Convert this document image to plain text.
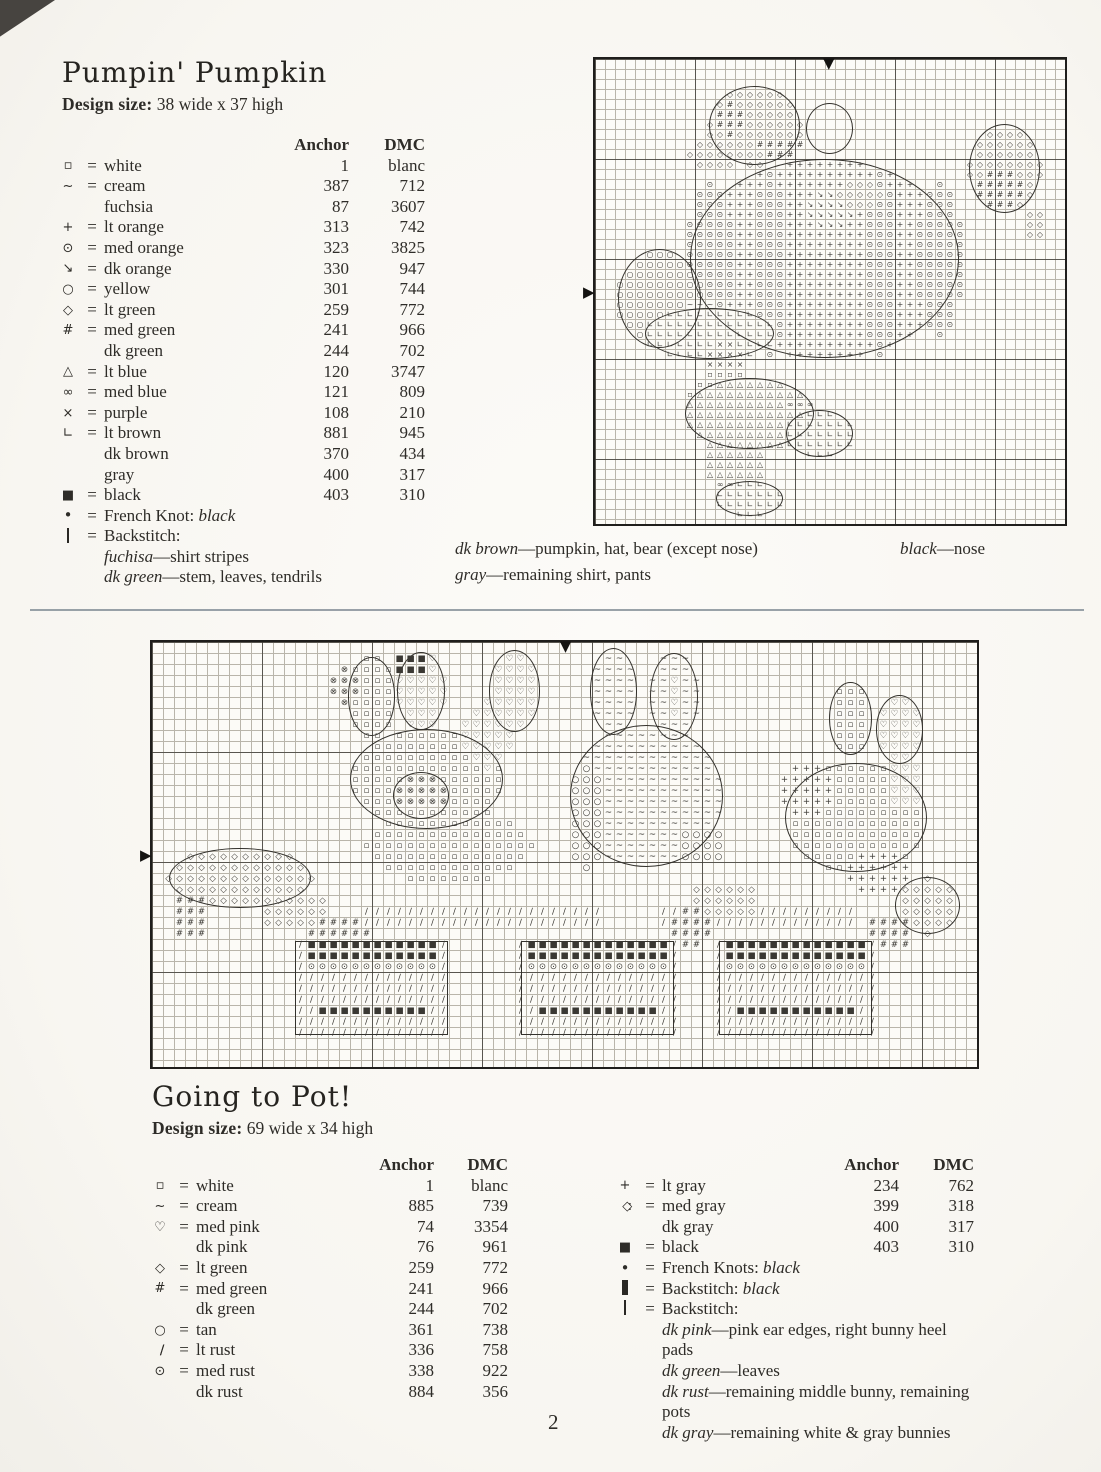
Pumpin' Pumpkin

Design size: 38 wide x 37 high

Anchor	DMC
▫ = white	1	blanc
~ = cream	387	712
fuchsia	87	3607
+ = lt orange	313	742
⊙ = med orange	323	3825
↘ = dk orange	330	947
○ = yellow	301	744
◇ = lt green	259	772
# = med green	241	966
dk green	244	702
△ = lt blue	120	3747
∞ = med blue	121	809
× = purple	108	210
∟ = lt brown	881	945
dk brown	370	434
gray	400	317
■ = black	403	310
• = French Knot: black
= Backstitch:
fuchisa—shirt stripes
dk green—stem, leaves, tendrils
◇ ◇ ◇ ◇ ◇ ◇
◇ # ◇ ◇ ◇ ◇ ◇ ◇
# # # ◇ ◇ ◇ ◇ ◇
◇ # # # ◇ ◇ ◇ ◇ ◇ ◇
◇ ◇ # ◇ ◇ ◇ ◇ ◇ ◇ ◇	◇ ◇ ◇ ◇
◇ ◇ ◇ ◇ ◇ ◇ # # # # #	◇ ◇ ◇ ◇ ◇ ◇
◇ ◇ ◇ ◇ ◇ ◇ ◇ ◇ # # #	◇ ◇ ◇ ◇ ◇ ◇
◇ ◇ ◇ ◇ ◇ ◇	+ + + + + + + +	◇ ◇ ◇ ◇ ◇ ◇ ◇ ◇
+ ⊙ + + + + + + + + + + ⊙ +	◇ ◇ # # # ◇ ◇ ◇
⊙	+ + + ⊙ + + + + + + + ◇ ◇ ◇ ⊙ + + +	⊙	# # # # # ◇
⊙ ⊙ ⊙ + + + ⊙ ⊙ ⊙ + + + ↘ ↘ ◇ ◇ ◇ ◇ ◇ ⊙ + + + ⊙ ⊙ ⊙	# # # # # ◇
⊙ ⊙ ⊙ + + + ⊙ ⊙ ⊙ + + ↘ ↘ ↘ ↘ ◇ ◇ ◇ ⊙ ⊙ + + + ⊙ ⊙ ⊙	# # # ◇
⊙ ⊙ ⊙ + + + ⊙ ⊙ ⊙ + + ↘ ↘ ↘ ↘ ↘ + ⊙ ⊙ ⊙ + + + ⊙ ⊙ ⊙	◇ ◇
⊙ ⊙ ⊙ ⊙ ⊙ + + ⊙ ⊙ ⊙ + + + ↘ ↘ ↘ + + ⊙ ⊙ ⊙ + + ⊙ ⊙ ⊙ ⊙ ⊙	◇ ◇
⊙ ⊙ ⊙ ⊙ ⊙ + + ⊙ ⊙ ⊙ + + + + + + + + ⊙ ⊙ ⊙ + + ⊙ ⊙ ⊙ ⊙ ⊙	◇ ◇
⊙ ⊙ ⊙ ⊙ ⊙ + + ⊙ ⊙ ⊙ + + + + + + + + ⊙ ⊙ ⊙ + + ⊙ ⊙ ⊙ ⊙ ⊙
○ ○ ○ ⊙ ⊙ ⊙ ⊙ ⊙ + + ⊙ ⊙ ⊙ + + + + + + + + ⊙ ⊙ ⊙ + + ⊙ ⊙ ⊙ ⊙ ⊙
○ ○ ○ ○ ○ ⊙ ⊙ ⊙ ⊙ ⊙ + + ⊙ ⊙ ⊙ + + + + + + + + ⊙ ⊙ ⊙ + + ⊙ ⊙ ⊙ ⊙ ⊙
○ ○ ○ ○ ○ ○ ○ ⊙ ⊙ ⊙ ⊙ + + ⊙ ⊙ ⊙ + + + + + + + + ⊙ ⊙ ⊙ + + ⊙ ⊙ ⊙ ⊙ ⊙
○ ○ ○ ○ ○ ○ ○ ○ ○ ⊙ ⊙ ⊙ + + ⊙ ⊙ ⊙ + + + + + + + + ⊙ ⊙ ⊙ + + ⊙ ⊙ ⊙ ⊙ ⊙
○ ○ ○ ○ ○ ○ ○ ○ ○ ⊙ ⊙ ⊙ + + ⊙ ⊙ ⊙ + + + + + + + + ⊙ ⊙ ⊙ + + ⊙ ⊙ ⊙ ⊙ ⊙
○ ○ ○ ○ ○ ○ ○ ~ ~ ~ ⊙ + + + ⊙ ⊙ ⊙ + + + + + + + + ⊙ ⊙ ⊙ + + + ⊙ ⊙ ⊙
○ ○ ○ ○ ○ ∟ ∟ ∟ ∟ ∟ ∟ ∟ ∟ ∟ ⊙ ⊙ ⊙ + + + + + + + + ⊙ ⊙ ⊙ + + + ⊙ ⊙ ⊙
○ ○ ∟ ∟ ∟ ∟ ∟ ∟ ∟ ∟ ∟ ∟ ∟ ∟ ∟ ⊙ + + + + + + + + ⊙ ⊙ ⊙ + + + ⊙ ⊙ ⊙
○ ∟ ∟ ∟ ∟ ∟ ∟ ∟ ∟ ∟ ∟ ∟ ∟ ∟ ⊙ + + + + + + + + ⊙ ⊙ ⊙ + +	⊙
∟ ∟ ∟ ∟ ∟ ∟ ∟ × × ∟ ∟ ∟ ∟ + + + + + + + + + + ⊙ +
∟ ∟ ∟ ∟ × × × × ∟ ⊙ + + + + + + + + ⊙
× × × ×
▫ ▫ ▫ ▫
▫ ▫ △ △ △ △ △ △ △
▫ △ △ △ △ △ △ △ △ △ △ △
△ △ △ △ △ △ △ △ △ △ ∞ ∞ ∞
△ △ △ △ △ △ △ △ △ △ △ △ ∟ ∟ ∟
△ △ △ △ △ △ △ △ △ △ ∟ ∟ ∟ ∟ ∟ ∟ ∟
△ △ △ △ △ △ △ △ △ ∟ ∟ ∟ ∟ ∟ ∟ ∟
△ △ △ △ △ △ △ △ ∟ ∟ ∟ ∟ ∟ ∟ ∟
△ △ △ △ △ △	∟ ∟ ∟
△ △ △ △ △ △
△ △ △ △ △ △
∞ ∞ ∟ ∟ ∟
∟ ∟ ∟ ∟ ∟ ∟ ∟
∟ ∟ ∟ ∟ ∟ ∟ ∟
∟ ∟ ∟
▼
▶
dk brown—pumpkin, hat, bear (except nose)
gray—remaining shirt, pants
black—nose
▫ ▫	■ ■ ■ ♡	♡ ♡	~ ~	~ ~ ~
⊗ ▫ ▫ ▫ ▫ ■ ■ ■ ♡	♡ ♡ ♡ ♡	~ ~ ~ ~	~ ~ ~
⊗ ⊗ ⊗ ▫ ▫ ▫ ♡ ♡ ♡ ♡ ♡	♡ ♡ ♡ ♡	~ ~ ~ ~ ~ ~ ♡ ~ ~
⊗ ⊗ ⊗ ▫ ▫ ▫ ♡ ♡ ♡ ♡ ♡	♡ ♡ ♡ ♡	~ ~ ~ ~ ~ ~ ♡ ~ ~	▫ ▫ ▫
⊗ ▫ ▫ ▫ ▫ ♡ ♡ ♡ ♡ ♡	♡ ♡ ♡ ♡ ♡	~ ~ ~ ~ ~ ~ ♡ ~ ~	▫ ▫ ▫	♡ ♡
▫ ▫ ▫ ▫	♡ ♡ ♡	♡ ♡ ♡ ♡ ♡ ♡	~ ~ ~ ~ ~ ~ ♡ ~ ~	▫ ▫ ▫	♡ ♡ ♡ ♡
▫ ▫ ▫ ▫	♡ ♡ ♡	♡ ♡ ♡ ♡ ♡ ♡	~ ~	~ ~ ~	▫ ▫ ▫	♡ ♡ ♡ ♡
▫ ▫	▫ ▫ ▫ ▫ ▫ ▫ ♡ ♡ ♡ ♡ ♡	~ ~ ~ ~ ~ ~ ~ ~	▫ ▫ ▫	♡ ♡ ♡ ♡
▫ ▫ ▫ ▫ ▫ ▫ ▫ ▫ ♡ ♡ ♡ ♡ ♡	~ ~ ~ ~ ~ ~ ~ ~ ~ ~	▫ ▫ ▫	♡ ♡ ♡ ♡
▫ ▫ ▫ ▫ ▫ ▫ ▫ ▫ ▫ ▫ ♡ ♡ ♡	~ ~ ~ ~ ~ ~ ~ ~ ~ ~ ~ ~	♡ ♡
▫ ▫ ▫ ▫ ▫ ▫ ▫ ▫ ▫ ▫ ▫ ▫ ♡ ▫	○ ~ ~ ~ ~ ~ ~ ~ ~ ~ ~ ~	+ + + ▫ ▫ ▫ ▫ ▫ ▫ ♡ ♡ ♡
▫ ▫ ▫ ▫ ▫ ⊗ ⊗ ⊗ ▫ ▫ ▫ ▫ ▫ ▫	○ ○ ○ ~ ~ ~ ~ ~ ~ ~ ~ ~ ~ ~	+ + + + + ▫ ▫ ▫ ▫ ▫ ♡ ♡ ♡
▫ ▫ ▫ ▫ ⊗ ⊗ ⊗ ⊗ ⊗ ▫ ▫ ▫ ▫ ▫	○ ○ ○ ~ ~ ~ ~ ~ ~ ~ ~ ~ ~ ~	+ + + + + ▫ ▫ ▫ ▫ ▫ ♡ ♡ ♡
▫ ▫ ▫ ⊗ ⊗ ⊗ ⊗ ⊗ ▫ ▫ ▫ ▫	○ ○ ○ ~ ~ ~ ~ ~ ~ ~ ~ ~ ~ ~	+ + + + + ▫ ▫ ▫ ▫ ▫ ♡ ♡ ♡
▫ ▫ ▫ ▫ ▫ ▫ ▫ ▫ ▫ ▫ ▫	○ ○ ○ ~ ~ ~ ~ ~ ~ ~ ~ ~ ~ ~	+ + + ▫ ▫ ▫ ▫ ▫ ▫ ▫ ▫ ▫
▫ ▫ ▫ ▫ ▫ ▫ ▫ ▫ ▫ ▫ ▫ ▫	○ ○ ○ ~ ~ ~ ~ ~ ~ ~ ~ ~ ~	▫ ▫ ▫ ▫ ▫ ▫ ▫ ▫ ▫ ▫ ▫ ▫
▫ ▫ ▫ ▫ ▫ ▫ ▫ ▫ ▫ ▫ ▫ ▫ ▫ ▫	○ ○ ○ ~ ~ ~ ~ ~ ~ ~ ○ ○ ○ ○	▫ ▫ ▫ ▫ ▫ ▫ ▫ ▫ ▫ ▫ ▫ ▫
▫ ▫ ▫ ▫ ▫ ▫ ▫ ▫ ▫ ▫ ▫ ▫ ▫ ▫ ▫ ▫	○ ○ ○ ~ ~ ~ ~ ~ ~ ~ ○ ○ ○ ○	▫ ▫ ▫ ▫ ▫ ▫ ▫ ▫ ▫ ▫ ▫ ▫
◇ ◇ ◇ ◇ ◇ ◇ ◇ ◇ ◇ ◇	▫ ▫ ▫ ▫ ▫ ▫ ▫ ▫ ▫ ▫ ▫ ▫ ▫ ▫	○ ○ ○ ~ ~ ~ ~ ~ ~ ~ ○ ○ ○ ○	▫ ▫ ▫ ▫ ▫ + + + + ▫
◇ ◇ ◇ ◇ ◇ ◇ ◇ ◇ ◇ ◇ ◇ ◇	▫ ▫ ▫ ▫ ▫ ▫ ▫ ▫ ▫ ▫ ▫ ▫	○	▫ ▫ + + + + + +
◇ ◇ ◇ ◇ ◇ ◇ ◇ ◇ ◇ ◇ ◇ ◇ ◇ ◇	▫ ▫ ▫ ▫ ▫ ▫ ▫ ▫	+ + + + + + ◇
◇ ◇ ◇ ◇ ◇ ◇ ◇ ◇ ◇ ◇ ◇ ◇	◇ ◇ ◇ ◇ ◇ ◇	+ + + + ◇ ◇ ◇ ◇ ◇
# # # ◇ ◇ ◇ ◇ ◇ ◇ ◇ ◇ ◇ ◇ ◇	◇ ◇ ◇ ◇ ◇ ◇	◇ ◇ ◇ ◇ ◇
# # #	◇ ◇ ◇ ◇ ◇ ◇	∕ ∕ ∕ ∕ ∕ ∕ ∕ ∕ ∕ ∕ ∕ ∕ ∕ ∕ ∕ ∕ ∕ ∕ ∕ ∕ ∕ ∕	∕ ∕ # # ◇ ◇ ◇ ◇ ◇ ∕ ∕ ∕ ∕ ∕ ∕ ∕ ∕ ∕	◇ ◇ ◇ ◇ ◇
# # #	◇ ◇ ◇ ◇ ◇ # # # # ∕ ∕ ∕ ∕ ∕ ∕ ∕ ∕ ∕ ∕ ∕ ∕ ∕ ∕ ∕ ∕ ∕ ∕ ∕ ∕ ∕ ∕	∕ # # # # ∕ ∕ ∕ ∕ ∕ ∕ ∕ ∕ ∕ ∕ ∕ ∕ ∕	# # # # ◇ ◇ ◇ ◇
# # #	# # # # # #	# # # #	# # # # ◇
∕ ■ ■ ■ ■ ■ ■ ■ ■ ■ ■ ■ ■ ∕	∕ ■ ■ ■ ■ ■ ■ ■ ■ ■ ■ ■ ■ ■ ∕ # #	∕ ■ ■ ■ ■ ■ ■ ■ ■ ■ ■ ■ ■ ■ ∕ # # #
∕ ■ ■ ■ ■ ■ ■ ■ ■ ■ ■ ■ ■ ∕	∕ ■ ■ ■ ■ ■ ■ ■ ■ ■ ■ ■ ■ ■ ∕	∕ ■ ■ ■ ■ ■ ■ ■ ■ ■ ■ ■ ■ ■ ∕
∕ ⊙ ⊙ ⊙ ⊙ ⊙ ⊙ ⊙ ⊙ ⊙ ⊙ ⊙ ⊙ ∕	∕ ⊙ ⊙ ⊙ ⊙ ⊙ ⊙ ⊙ ⊙ ⊙ ⊙ ⊙ ⊙ ⊙ ∕	∕ ⊙ ⊙ ⊙ ⊙ ⊙ ⊙ ⊙ ⊙ ⊙ ⊙ ⊙ ⊙ ⊙ ∕
∕ ∕ ∕ ∕ ∕ ∕ ∕ ∕ ∕ ∕ ∕ ∕ ∕ ∕	∕ ∕ ∕ ∕ ∕ ∕ ∕ ∕ ∕ ∕ ∕ ∕ ∕ ∕ ∕	∕ ∕ ∕ ∕ ∕ ∕ ∕ ∕ ∕ ∕ ∕ ∕ ∕ ∕ ∕
∕ ∕ ∕ ∕ ∕ ∕ ∕ ∕ ∕ ∕ ∕ ∕ ∕ ∕	∕ ∕ ∕ ∕ ∕ ∕ ∕ ∕ ∕ ∕ ∕ ∕ ∕ ∕ ∕	∕ ∕ ∕ ∕ ∕ ∕ ∕ ∕ ∕ ∕ ∕ ∕ ∕ ∕ ∕
∕ ∕ ∕ ∕ ∕ ∕ ∕ ∕ ∕ ∕ ∕ ∕ ∕ ∕	∕ ∕ ∕ ∕ ∕ ∕ ∕ ∕ ∕ ∕ ∕ ∕ ∕ ∕ ∕	∕ ∕ ∕ ∕ ∕ ∕ ∕ ∕ ∕ ∕ ∕ ∕ ∕ ∕ ∕
∕ ∕ ■ ■ ■ ■ ■ ■ ■ ■ ■ ■ ∕ ∕	∕ ∕ ■ ■ ■ ■ ■ ■ ■ ■ ■ ■ ■ ∕ ∕	∕ ∕ ■ ■ ■ ■ ■ ■ ■ ■ ■ ■ ■ ∕ ∕
∕ ∕ ∕ ∕ ∕ ∕ ∕ ∕ ∕ ∕ ∕ ∕ ∕ ∕	∕ ∕ ∕ ∕ ∕ ∕ ∕ ∕ ∕ ∕ ∕ ∕ ∕ ∕ ∕	∕ ∕ ∕ ∕ ∕ ∕ ∕ ∕ ∕ ∕ ∕ ∕ ∕ ∕ ∕
∕ ∕ ∕ ∕ ∕ ∕ ∕ ∕ ∕ ∕ ∕ ∕ ∕ ∕	∕ ∕ ∕ ∕ ∕ ∕ ∕ ∕ ∕ ∕ ∕ ∕ ∕ ∕ ∕	∕ ∕ ∕ ∕ ∕ ∕ ∕ ∕ ∕ ∕ ∕ ∕ ∕ ∕ ∕
▼
▶
Going to Pot!

Design size: 69 wide x 34 high

Anchor	DMC
▫ = white	1	blanc
~ = cream	885	739
♡ = med pink	74	3354
dk pink	76	961
◇ = lt green	259	772
# = med green	241	966
dk green	244	702
○ = tan	361	738
= lt rust	336	758
⊙ = med rust	338	922
dk rust	884	356
Anchor	DMC
+ = lt gray	234	762
◇:	= med gray	399	318
dk gray	400	317
■ = black	403	310
• = French Knots: black
= Backstitch: black
= Backstitch:
dk pink—pink ear edges, right bunny heel pads
dk green—leaves
dk rust—remaining middle bunny, remaining pots
dk gray—remaining white & gray bunnies
2
